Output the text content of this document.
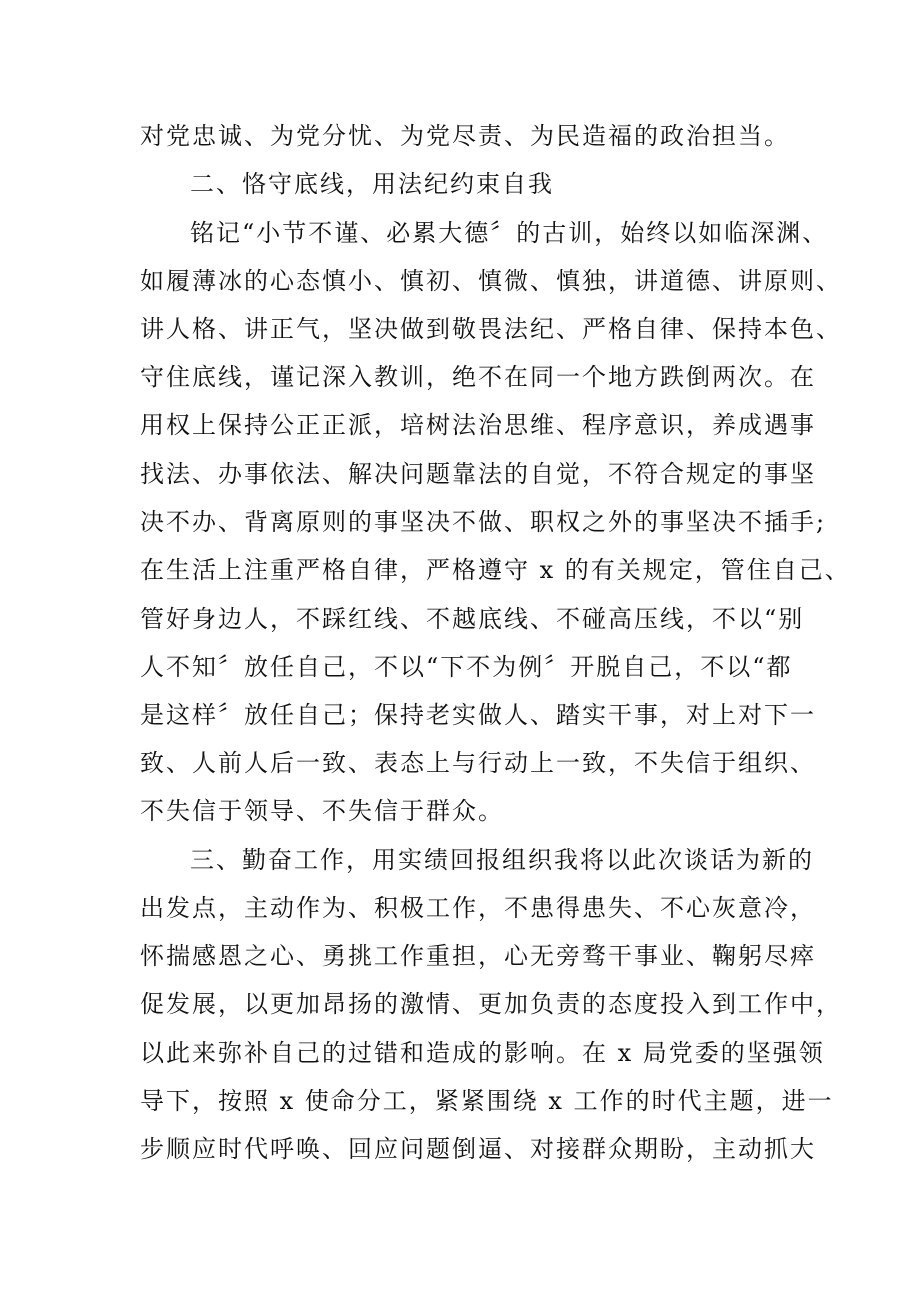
对党忠诚、为党分忧、为党尽责、为民造福的政治担当。
二、恪守底线，用法纪约束自我
铭记“小节不谨、必累大德〞的古训，始终以如临深渊、
如履薄冰的心态慎小、慎初、慎微、慎独，讲道德、讲原则、
讲人格、讲正气，坚决做到敬畏法纪、严格自律、保持本色、
守住底线，谨记深入教训，绝不在同一个地方跌倒两次。在
用权上保持公正正派，培树法治思维、程序意识，养成遇事
找法、办事依法、解决问题靠法的自觉，不符合规定的事坚
决不办、背离原则的事坚决不做、职权之外的事坚决不插手;
在生活上注重严格自律，严格遵守 x 的有关规定，管住自己、
管好身边人，不踩红线、不越底线、不碰高压线，不以“别
人不知〞放任自己，不以“下不为例〞开脱自己，不以“都
是这样〞放任自己；保持老实做人、踏实干事，对上对下一
致、人前人后一致、表态上与行动上一致，不失信于组织、
不失信于领导、不失信于群众。
三、勤奋工作，用实绩回报组织我将以此次谈话为新的
出发点，主动作为、积极工作，不患得患失、不心灰意冷，
怀揣感恩之心、勇挑工作重担，心无旁骛干事业、鞠躬尽瘁
促发展，以更加昂扬的激情、更加负责的态度投入到工作中，
以此来弥补自己的过错和造成的影响。在 x 局党委的坚强领
导下，按照 x 使命分工，紧紧围绕 x 工作的时代主题，进一
步顺应时代呼唤、回应问题倒逼、对接群众期盼，主动抓大
